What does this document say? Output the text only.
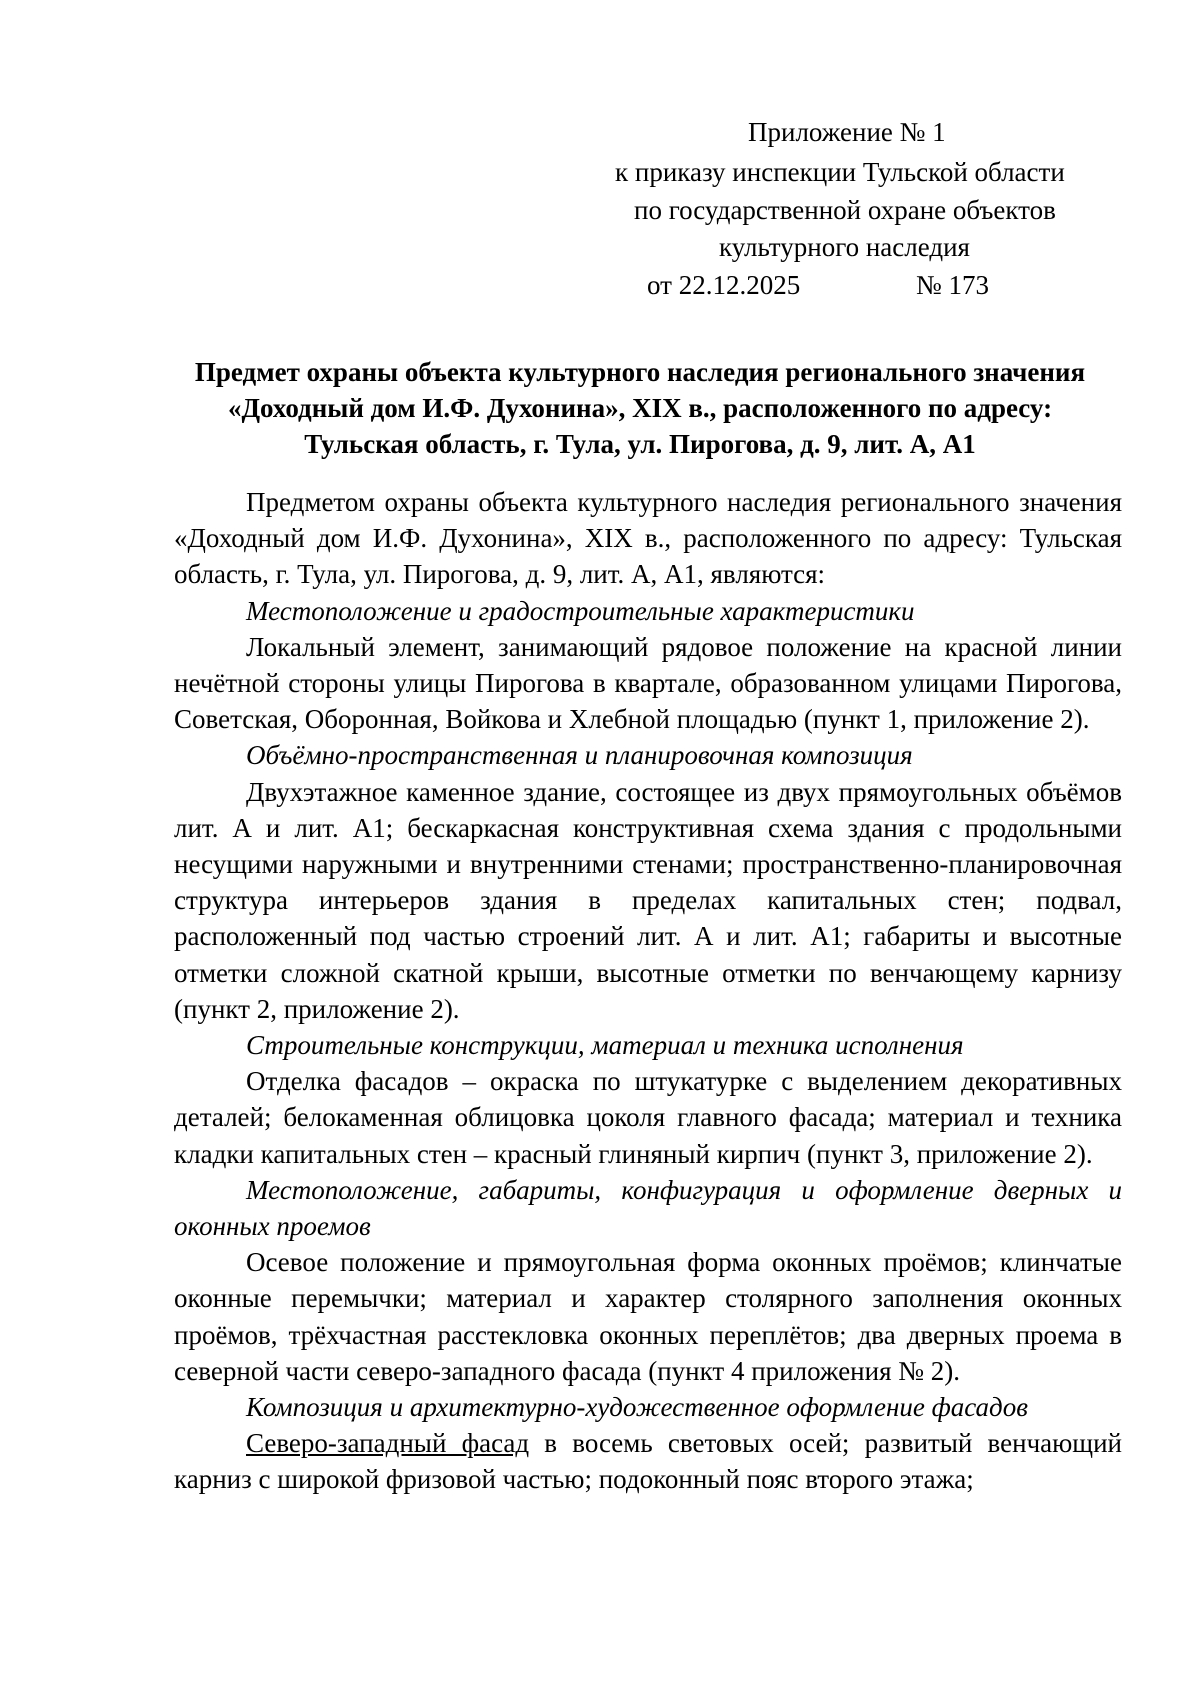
Приложение № 1
к приказу инспекции Тульской области
по государственной охране объектов
культурного наследия
от 22.12.2025	№ 173
Предмет охраны объекта культурного наследия регионального значения
«Доходный дом И.Ф. Духонина», XIX в., расположенного по адресу:
Тульская область, г. Тула, ул. Пирогова, д. 9, лит. А, А1

Предметом охраны объекта культурного наследия регионального значения «Доходный дом И.Ф. Духонина», XIX в., расположенного по адресу: Тульская область, г. Тула, ул. Пирогова, д. 9, лит. А, А1, являются:

Местоположение и градостроительные характеристики

Локальный элемент, занимающий рядовое положение на красной линии нечётной стороны улицы Пирогова в квартале, образованном улицами Пирогова, Советская, Оборонная, Войкова и Хлебной площадью (пункт 1, приложение 2).

Объёмно-пространственная и планировочная композиция

Двухэтажное каменное здание, состоящее из двух прямоугольных объёмов лит. А и лит. А1; бескаркасная конструктивная схема здания с продольными несущими наружными и внутренними стенами; пространственно-планировочная структура интерьеров здания в пределах капитальных стен; подвал, расположенный под частью строений лит. А и лит. А1; габариты и высотные отметки сложной скатной крыши, высотные отметки по венчающему карнизу (пункт 2, приложение 2).

Строительные конструкции, материал и техника исполнения

Отделка фасадов – окраска по штукатурке с выделением декоративных деталей; белокаменная облицовка цоколя главного фасада; материал и техника кладки капитальных стен – красный глиняный кирпич (пункт 3, приложение 2).

Местоположение, габариты, конфигурация и оформление дверных и оконных проемов

Осевое положение и прямоугольная форма оконных проёмов; клинчатые оконные перемычки; материал и характер столярного заполнения оконных проёмов, трёхчастная расстекловка оконных переплётов; два дверных проема в северной части северо-западного фасада (пункт 4 приложения № 2).

Композиция и архитектурно-художественное оформление фасадов

Северо-западный фасад в восемь световых осей; развитый венчающий карниз с широкой фризовой частью; подоконный пояс второго этажа;
